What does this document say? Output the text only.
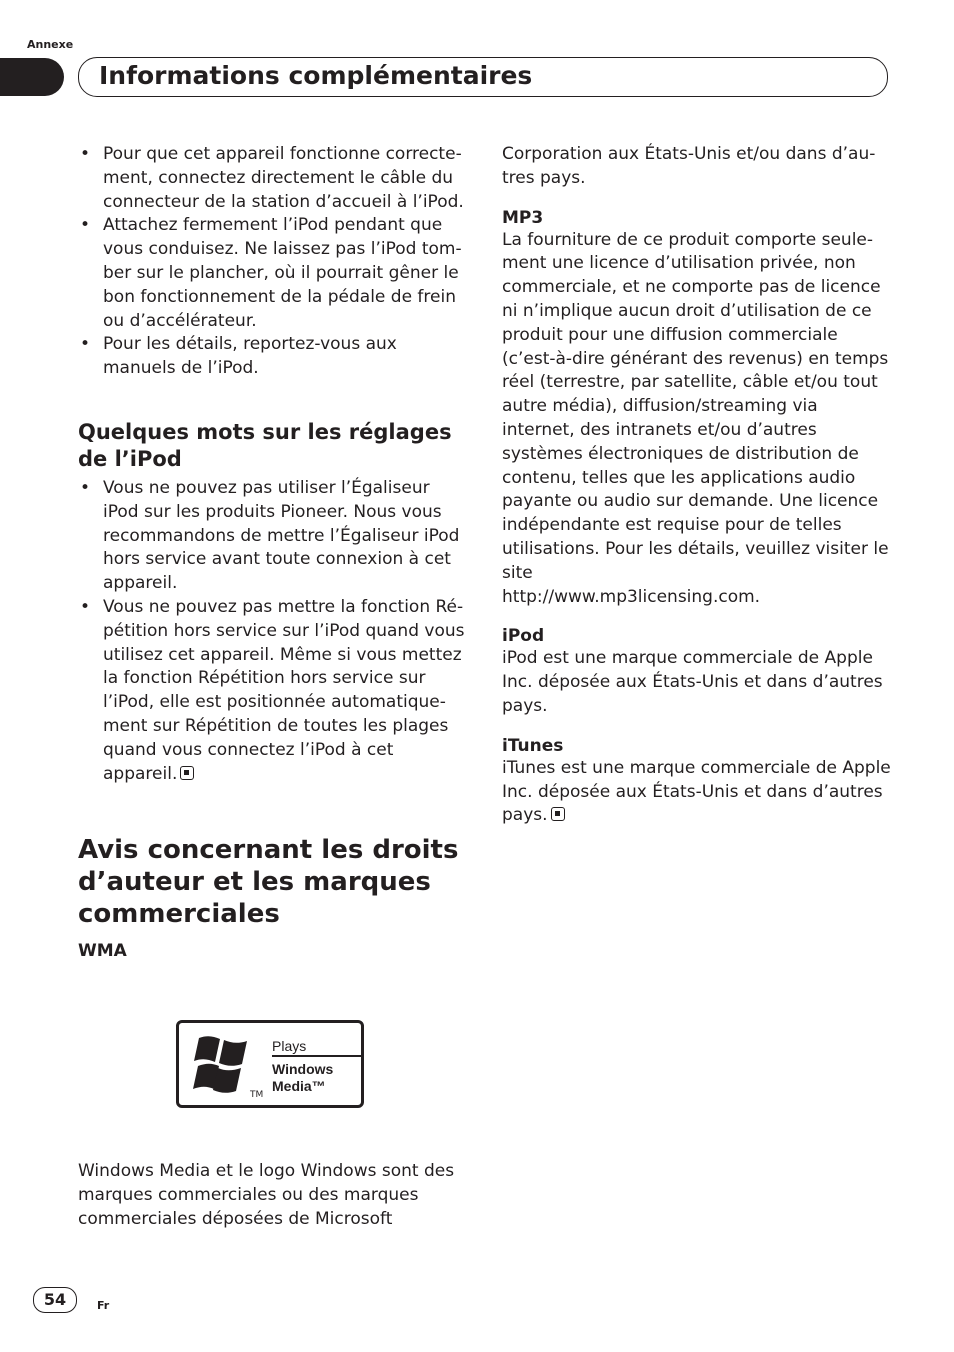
Annexe
Informations complémentaires
• Pour que cet appareil fonctionne correctement, connectez directement le câble du connecteur de la station d’accueil à l’iPod.
• Attachez fermement l’iPod pendant que vous conduisez. Ne laissez pas l’iPod tomber sur le plancher, où il pourrait gêner le bon fonctionnement de la pédale de frein ou d’accélérateur.
• Pour les détails, reportez-vous aux manuels de l’iPod.
Quelques mots sur les réglages de l’iPod
• Vous ne pouvez pas utiliser l’Égaliseur iPod sur les produits Pioneer. Nous vous recommandons de mettre l’Égaliseur iPod hors service avant toute connexion à cet appareil.
• Vous ne pouvez pas mettre la fonction Répétition hors service sur l’iPod quand vous utilisez cet appareil. Même si vous mettez la fonction Répétition hors service sur l’iPod, elle est positionnée automatiquement sur Répétition de toutes les plages quand vous connectez l’iPod à cet appareil.
Avis concernant les droits d’auteur et les marques commerciales
WMA
TM
Plays
Windows
Media™

Windows Media et le logo Windows sont des marques commerciales ou des marques commerciales déposées de Microsoft

Corporation aux États-Unis et/ou dans d’autres pays.

MP3

La fourniture de ce produit comporte seulement une licence d’utilisation privée, non commerciale, et ne comporte pas de licence ni n’implique aucun droit d’utilisation de ce produit pour une diffusion commerciale (c’est-à-dire générant des revenus) en temps réel (terrestre, par satellite, câble et/ou tout autre média), diffusion/streaming via internet, des intranets et/ou d’autres systèmes électroniques de distribution de contenu, telles que les applications audio payante ou audio sur demande. Une licence indépendante est requise pour de telles utilisations. Pour les détails, veuillez visiter le site

http://www.mp3licensing.com.

iPod

iPod est une marque commerciale de Apple Inc. déposée aux États-Unis et dans d’autres pays.

iTunes

iTunes est une marque commerciale de Apple Inc. déposée aux États-Unis et dans d’autres pays.

54	Fr
